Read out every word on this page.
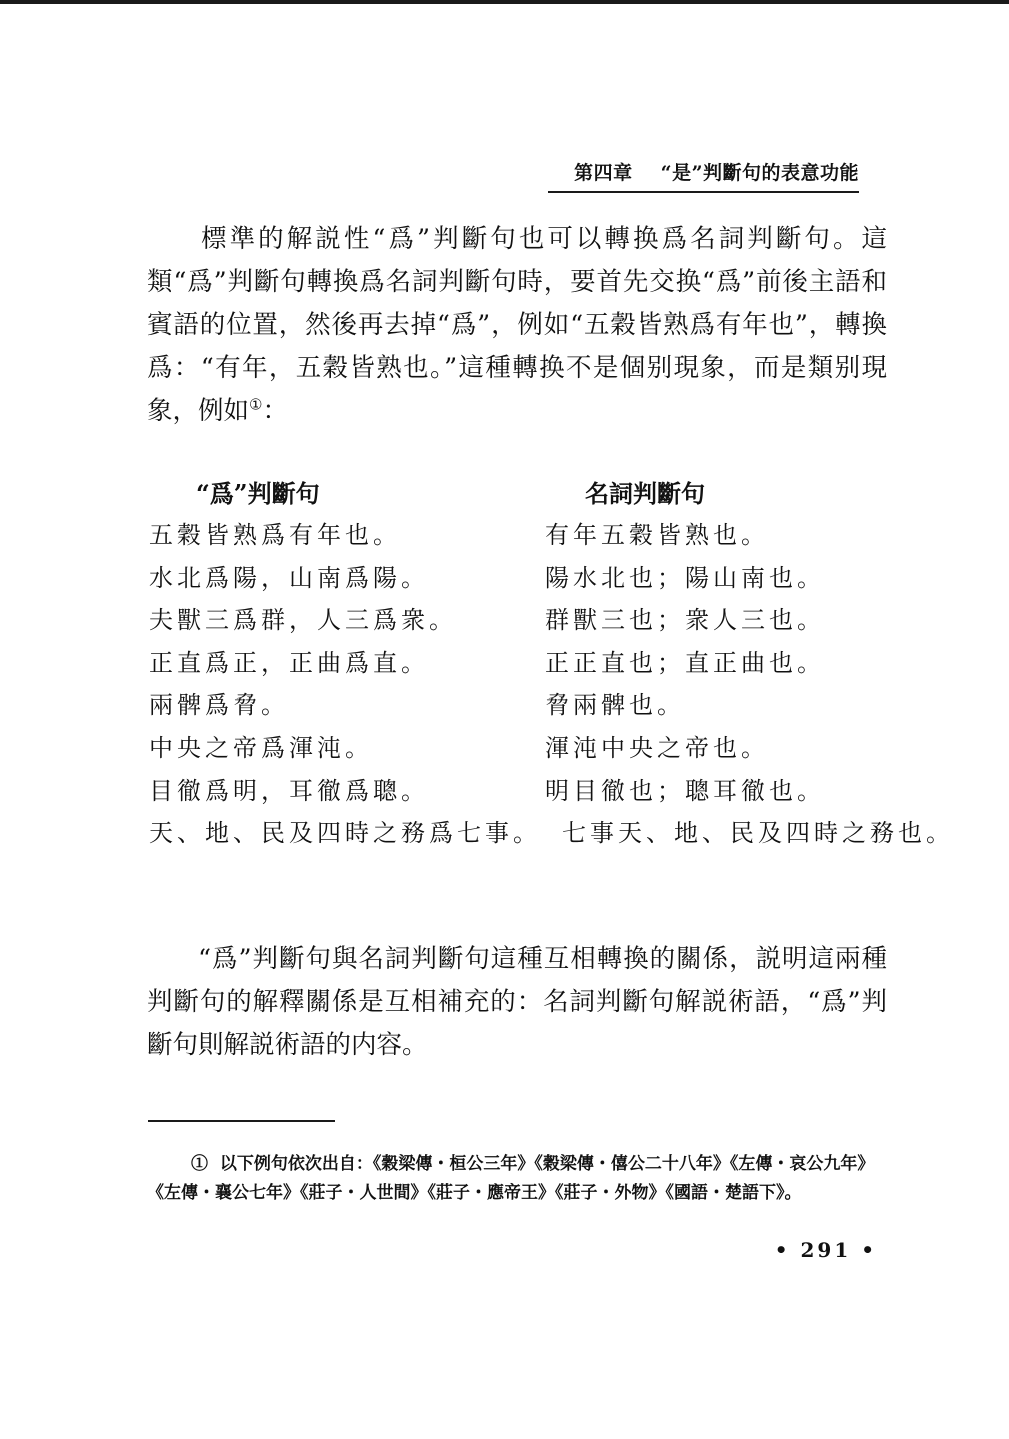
第四章 “是”判斷句的表意功能

標準的解説性“爲”判斷句也可以轉换爲名詞判斷句。這類“爲”判斷句轉換爲名詞判斷句時，要首先交换“爲”前後主語和賓語的位置，然後再去掉“爲”，例如“五穀皆熟爲有年也”，轉換爲：“有年，五穀皆熟也。”這種轉换不是個别現象，而是類别現象，例如①：

“爲”判斷句	名詞判斷句
五穀皆熟爲有年也。
水北爲陽，山南爲陽。
夫獸三爲群，人三爲衆。
正直爲正，正曲爲直。
兩髀爲脅。
中央之帝爲渾沌。
目徹爲明，耳徹爲聰。
天、地、民及四時之務爲七事。
有年五穀皆熟也。
陽水北也；陽山南也。
群獸三也；衆人三也。
正正直也；直正曲也。
脅兩髀也。
渾沌中央之帝也。
明目徹也；聰耳徹也。
七事天、地、民及四時之務也。

“爲”判斷句與名詞判斷句這種互相轉換的關係，説明這兩種判斷句的解釋關係是互相補充的：名詞判斷句解説術語，“爲”判斷句則解説術語的内容。

① 以下例句依次出自：《穀梁傳・桓公三年》《穀梁傳・僖公二十八年》《左傳・哀公九年》《左傳・襄公七年》《莊子・人世間》《莊子・應帝王》《莊子・外物》《國語・楚語下》。

• 291 •
